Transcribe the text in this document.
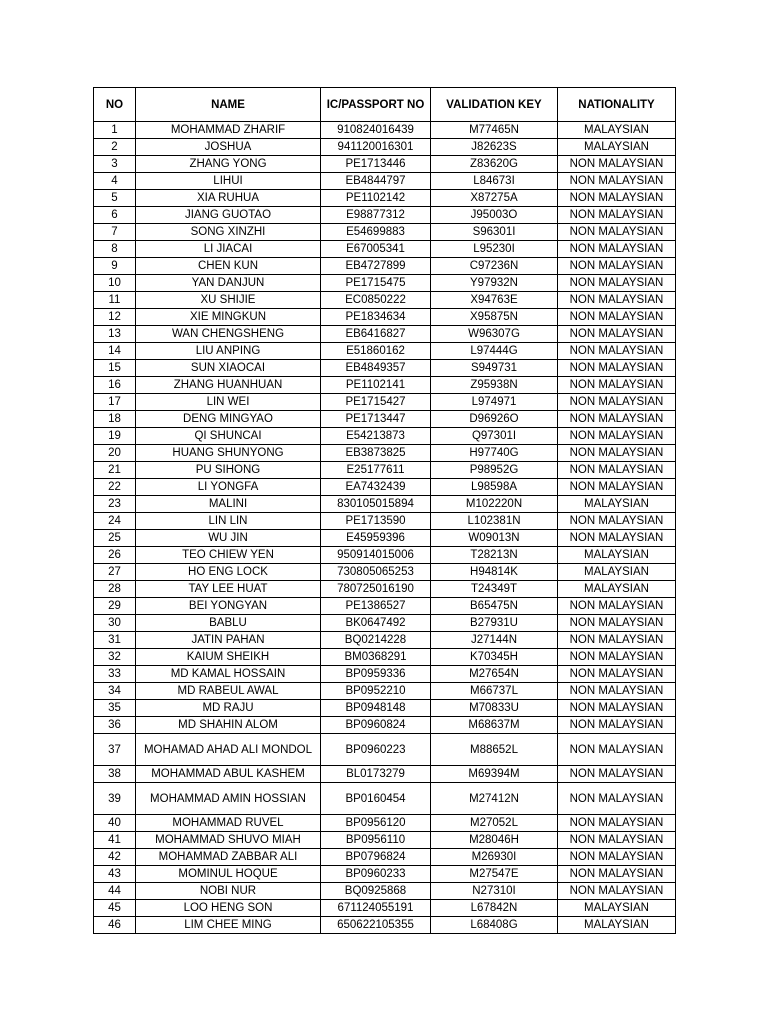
NO	NAME	IC/PASSPORT NO	VALIDATION KEY	NATIONALITY
1	MOHAMMAD ZHARIF	910824016439	M77465N	MALAYSIAN
2	JOSHUA	941120016301	J82623S	MALAYSIAN
3	ZHANG YONG	PE1713446	Z83620G	NON MALAYSIAN
4	LIHUI	EB4844797	L84673I	NON MALAYSIAN
5	XIA RUHUA	PE1102142	X87275A	NON MALAYSIAN
6	JIANG GUOTAO	E98877312	J95003O	NON MALAYSIAN
7	SONG XINZHI	E54699883	S96301I	NON MALAYSIAN
8	LI JIACAI	E67005341	L95230I	NON MALAYSIAN
9	CHEN KUN	EB4727899	C97236N	NON MALAYSIAN
10	YAN DANJUN	PE1715475	Y97932N	NON MALAYSIAN
11	XU SHIJIE	EC0850222	X94763E	NON MALAYSIAN
12	XIE MINGKUN	PE1834634	X95875N	NON MALAYSIAN
13	WAN CHENGSHENG	EB6416827	W96307G	NON MALAYSIAN
14	LIU ANPING	E51860162	L97444G	NON MALAYSIAN
15	SUN XIAOCAI	EB4849357	S949731	NON MALAYSIAN
16	ZHANG HUANHUAN	PE1102141	Z95938N	NON MALAYSIAN
17	LIN WEI	PE1715427	L974971	NON MALAYSIAN
18	DENG MINGYAO	PE1713447	D96926O	NON MALAYSIAN
19	QI SHUNCAI	E54213873	Q97301I	NON MALAYSIAN
20	HUANG SHUNYONG	EB3873825	H97740G	NON MALAYSIAN
21	PU SIHONG	E25177611	P98952G	NON MALAYSIAN
22	LI YONGFA	EA7432439	L98598A	NON MALAYSIAN
23	MALINI	830105015894	M102220N	MALAYSIAN
24	LIN LIN	PE1713590	L102381N	NON MALAYSIAN
25	WU JIN	E45959396	W09013N	NON MALAYSIAN
26	TEO CHIEW YEN	950914015006	T28213N	MALAYSIAN
27	HO ENG LOCK	730805065253	H94814K	MALAYSIAN
28	TAY LEE HUAT	780725016190	T24349T	MALAYSIAN
29	BEI YONGYAN	PE1386527	B65475N	NON MALAYSIAN
30	BABLU	BK0647492	B27931U	NON MALAYSIAN
31	JATIN PAHAN	BQ0214228	J27144N	NON MALAYSIAN
32	KAIUM SHEIKH	BM0368291	K70345H	NON MALAYSIAN
33	MD KAMAL HOSSAIN	BP0959336	M27654N	NON MALAYSIAN
34	MD RABEUL AWAL	BP0952210	M66737L	NON MALAYSIAN
35	MD RAJU	BP0948148	M70833U	NON MALAYSIAN
36	MD SHAHIN ALOM	BP0960824	M68637M	NON MALAYSIAN
37	MOHAMAD AHAD ALI MONDOL	BP0960223	M88652L	NON MALAYSIAN
38	MOHAMMAD ABUL KASHEM	BL0173279	M69394M	NON MALAYSIAN
39	MOHAMMAD AMIN HOSSIAN	BP0160454	M27412N	NON MALAYSIAN
40	MOHAMMAD RUVEL	BP0956120	M27052L	NON MALAYSIAN
41	MOHAMMAD SHUVO MIAH	BP0956110	M28046H	NON MALAYSIAN
42	MOHAMMAD ZABBAR ALI	BP0796824	M26930I	NON MALAYSIAN
43	MOMINUL HOQUE	BP0960233	M27547E	NON MALAYSIAN
44	NOBI NUR	BQ0925868	N27310I	NON MALAYSIAN
45	LOO HENG SON	671124055191	L67842N	MALAYSIAN
46	LIM CHEE MING	650622105355	L68408G	MALAYSIAN
